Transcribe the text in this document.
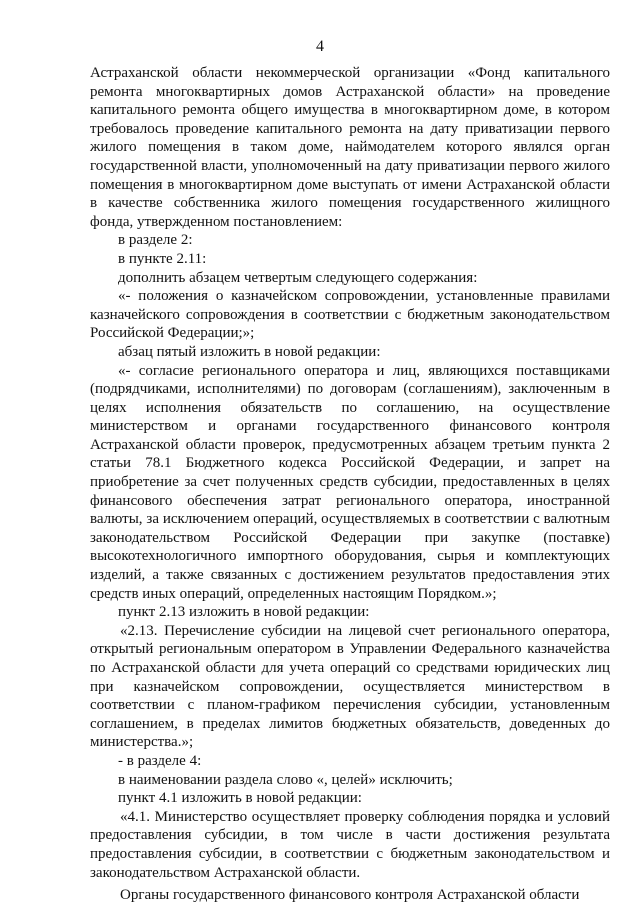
4

Астраханской области некоммерческой организации «Фонд капитального ремонта многоквартирных домов Астраханской области» на проведение капитального ремонта общего имущества в многоквартирном доме, в котором требовалось проведение капитального ремонта на дату приватизации первого жилого помещения в таком доме, наймодателем которого являлся орган государственной власти, уполномоченный на дату приватизации первого жилого помещения в многоквартирном доме выступать от имени Астраханской области в качестве собственника жилого помещения государственного жилищного фонда, утвержденном постановлением:

в разделе 2:

в пункте 2.11:

дополнить абзацем четвертым следующего содержания:

«- положения о казначейском сопровождении, установленные правилами казначейского сопровождения в соответствии с бюджетным законодательством Российской Федерации;»;

абзац пятый изложить в новой редакции:

«- согласие регионального оператора и лиц, являющихся поставщиками (подрядчиками, исполнителями) по договорам (соглашениям), заключенным в целях исполнения обязательств по соглашению, на осуществление министерством и органами государственного финансового контроля Астраханской области проверок, предусмотренных абзацем третьим пункта 2 статьи 78.1 Бюджетного кодекса Российской Федерации, и запрет на приобретение за счет полученных средств субсидии, предоставленных в целях финансового обеспечения затрат регионального оператора, иностранной валюты, за исключением операций, осуществляемых в соответствии с валютным законодательством Российской Федерации при закупке (поставке) высокотехнологичного импортного оборудования, сырья и комплектующих изделий, а также связанных с достижением результатов предоставления этих средств иных операций, определенных настоящим Порядком.»;

пункт 2.13 изложить в новой редакции:

«2.13. Перечисление субсидии на лицевой счет регионального оператора, открытый региональным оператором в Управлении Федерального казначейства по Астраханской области для учета операций со средствами юридических лиц при казначейском сопровождении, осуществляется министерством в соответствии с планом-графиком перечисления субсидии, установленным соглашением, в пределах лимитов бюджетных обязательств, доведенных до министерства.»;

- в разделе 4:

в наименовании раздела слово «, целей» исключить;

пункт 4.1 изложить в новой редакции:

«4.1. Министерство осуществляет проверку соблюдения порядка и условий предоставления субсидии, в том числе в части достижения результата предоставления субсидии, в соответствии с бюджетным законодательством и законодательством Астраханской области.

Органы государственного финансового контроля Астраханской области
